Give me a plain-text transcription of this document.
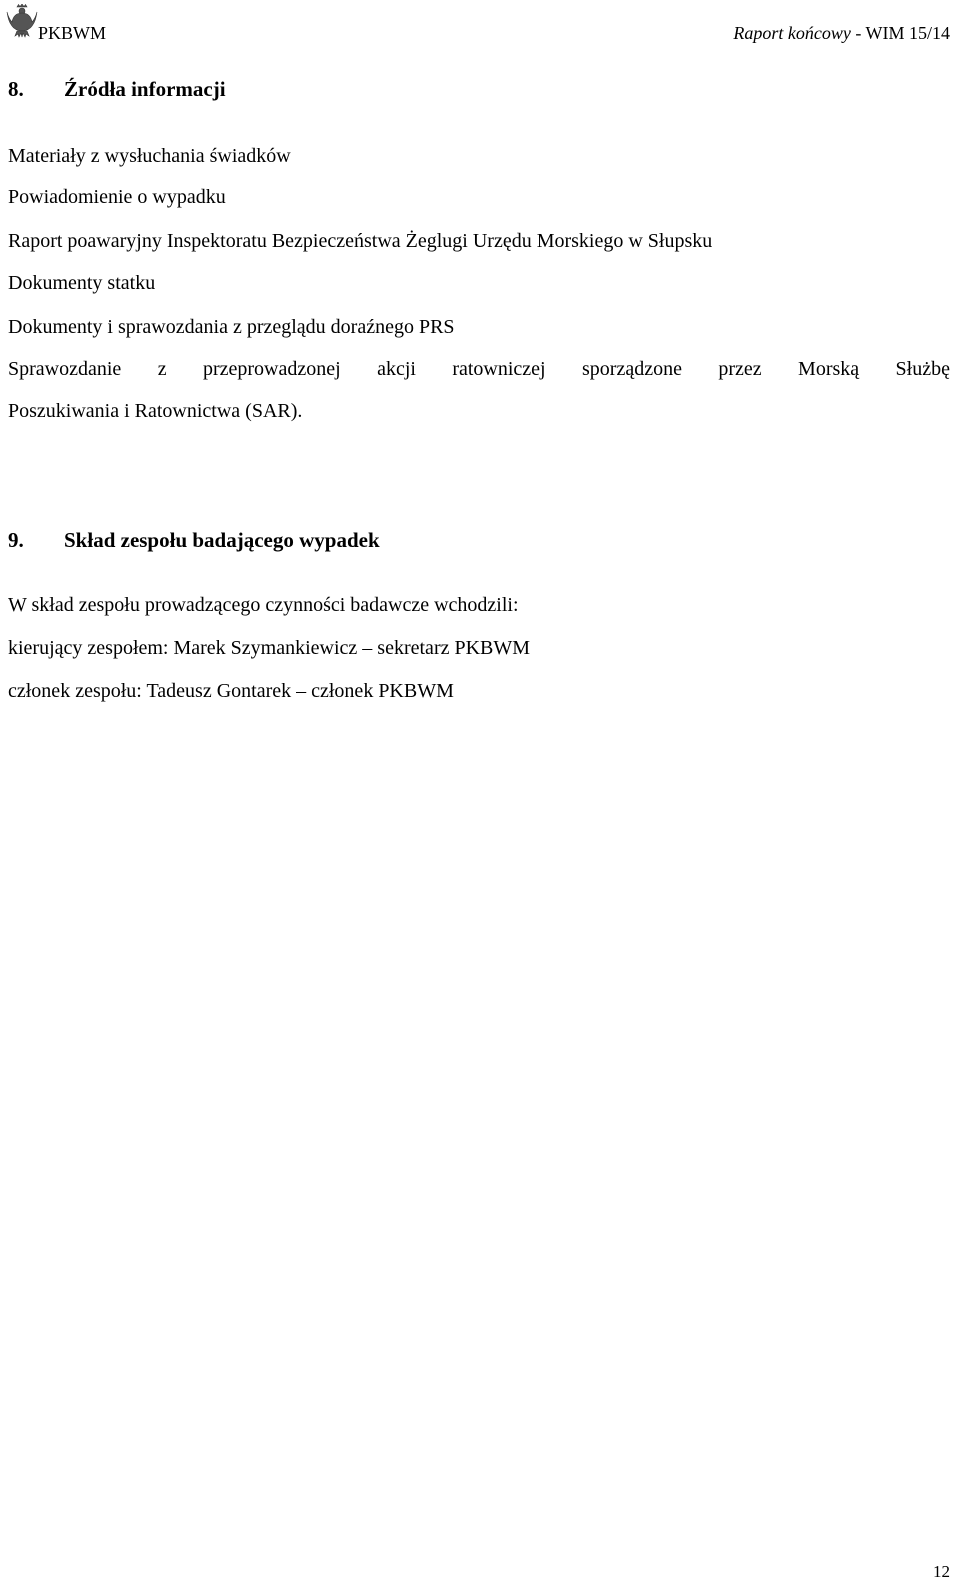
PKBWM	Raport końcowy - WIM 15/14
8. Źródła informacji
Materiały z wysłuchania świadków
Powiadomienie o wypadku
Raport poawaryjny Inspektoratu Bezpieczeństwa Żeglugi Urzędu Morskiego w Słupsku
Dokumenty statku
Dokumenty i sprawozdania z przeglądu doraźnego PRS
Sprawozdanie z przeprowadzonej akcji ratowniczej sporządzone przez Morską Służbę
Poszukiwania i Ratownictwa (SAR).
9. Skład zespołu badającego wypadek
W skład zespołu prowadzącego czynności badawcze wchodzili:
kierujący zespołem: Marek Szymankiewicz – sekretarz PKBWM
członek zespołu: Tadeusz Gontarek – członek PKBWM
12
